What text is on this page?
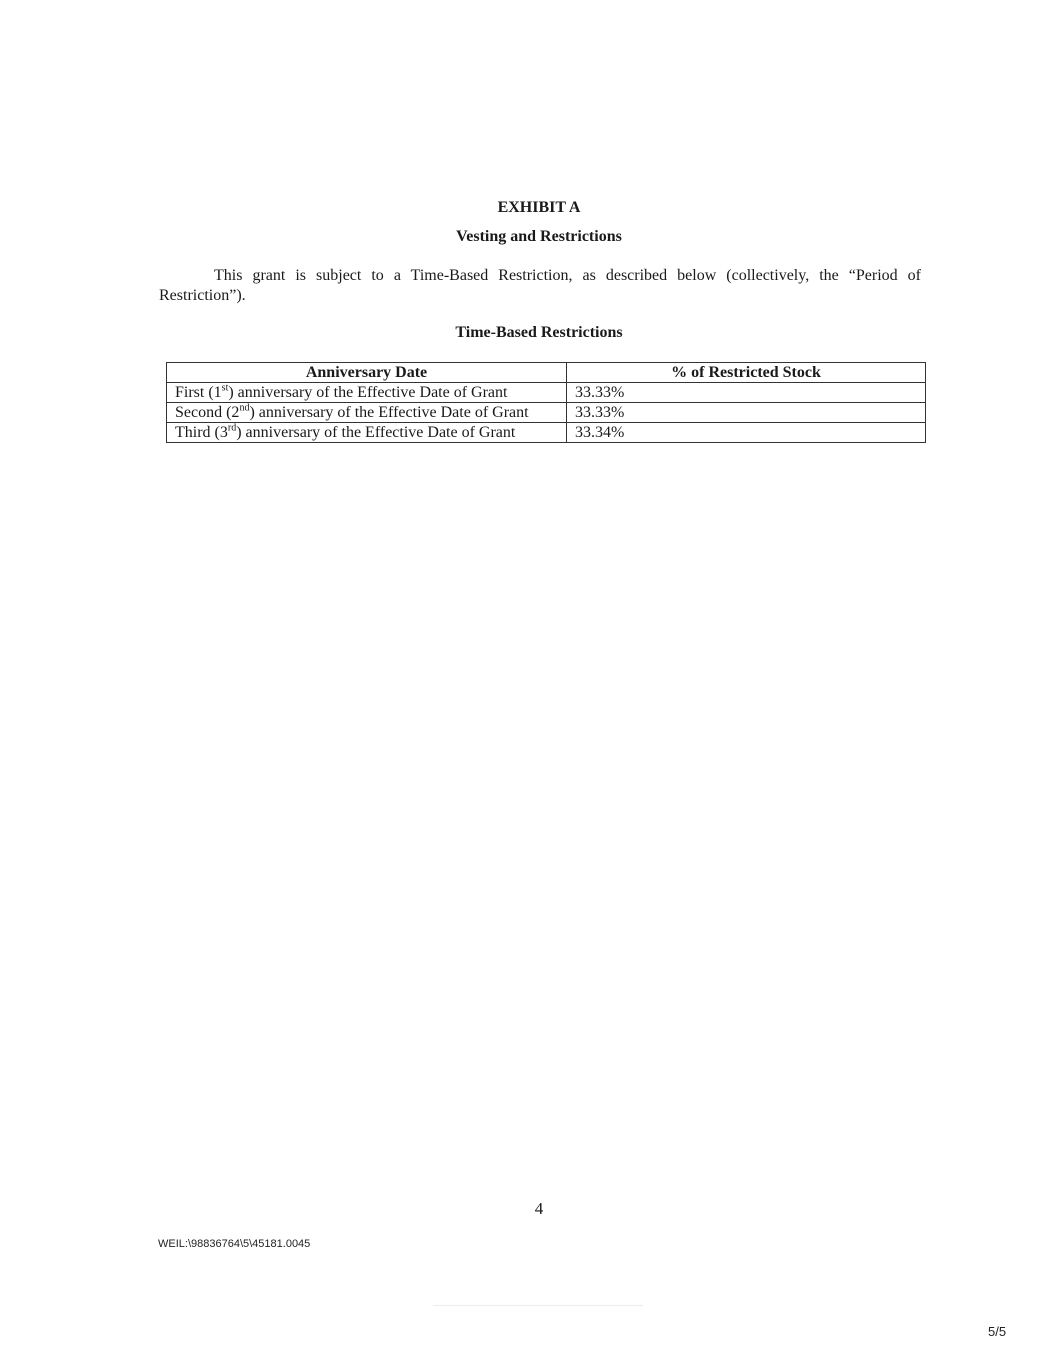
EXHIBIT A
Vesting and Restrictions
This grant is subject to a Time-Based Restriction, as described below (collectively, the “Period of Restriction”).
Time-Based Restrictions
Anniversary Date	% of Restricted Stock
First (1st) anniversary of the Effective Date of Grant	33.33%
Second (2nd) anniversary of the Effective Date of Grant	33.33%
Third (3rd) anniversary of the Effective Date of Grant	33.34%
4
WEIL:\98836764\5\45181.0045
5/5
